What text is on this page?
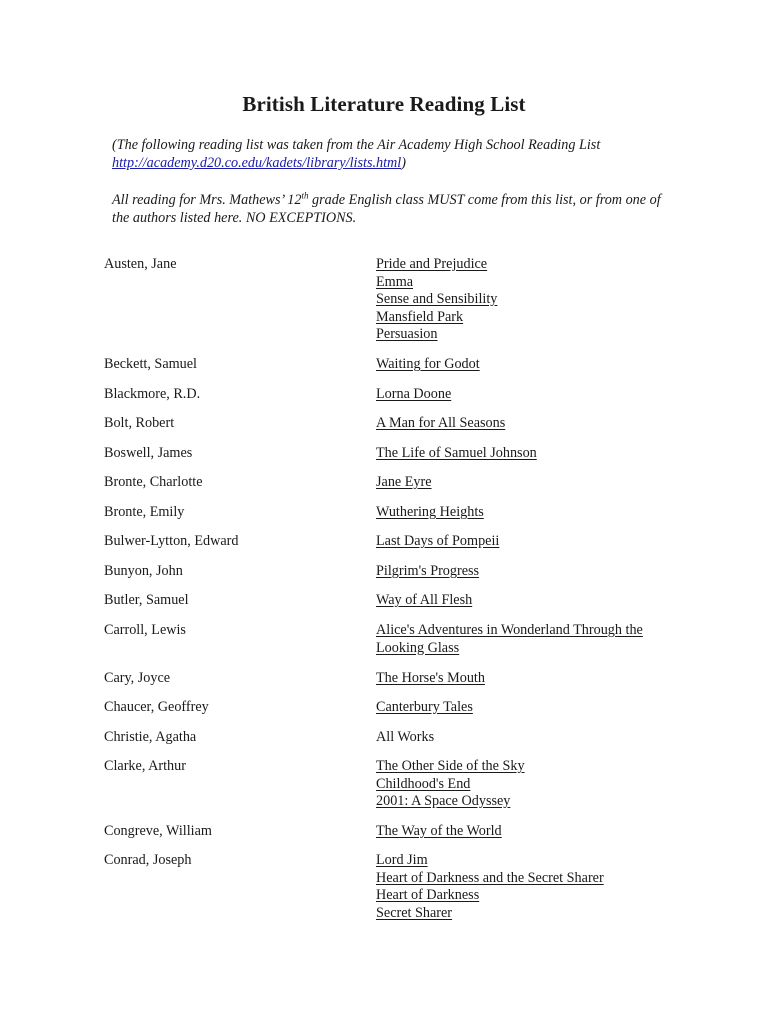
British Literature Reading List
(The following reading list was taken from the Air Academy High School Reading List http://academy.d20.co.edu/kadets/library/lists.html)
All reading for Mrs. Mathews’ 12th grade English class MUST come from this list, or from one of the authors listed here. NO EXCEPTIONS.
Austen, Jane	Pride and Prejudice
Emma
Sense and Sensibility
Mansfield Park
Persuasion
Beckett, Samuel	Waiting for Godot
Blackmore, R.D.	Lorna Doone
Bolt, Robert	A Man for All Seasons
Boswell, James	The Life of Samuel Johnson
Bronte, Charlotte	Jane Eyre
Bronte, Emily	Wuthering Heights
Bulwer-Lytton, Edward	Last Days of Pompeii
Bunyon, John	Pilgrim's Progress
Butler, Samuel	Way of All Flesh
Carroll, Lewis	Alice's Adventures in Wonderland Through the Looking Glass
Cary, Joyce	The Horse's Mouth
Chaucer, Geoffrey	Canterbury Tales
Christie, Agatha	All Works
Clarke, Arthur	The Other Side of the Sky
Childhood's End
2001: A Space Odyssey
Congreve, William	The Way of the World
Conrad, Joseph	Lord Jim
Heart of Darkness and the Secret Sharer
Heart of Darkness
Secret Sharer
